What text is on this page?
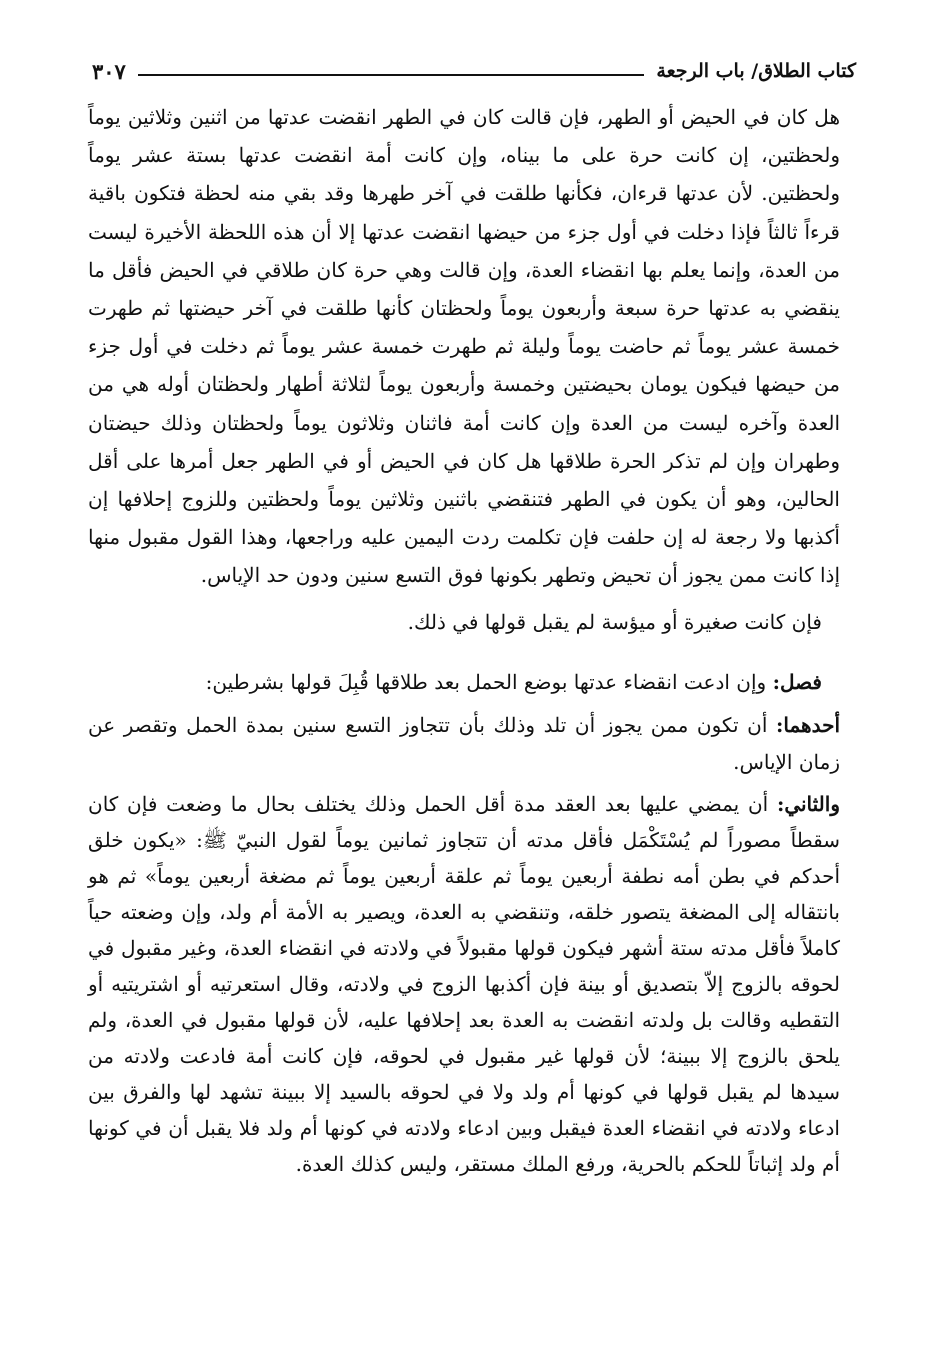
كتاب الطلاق/ باب الرجعة
٣٠٧

هل كان في الحيض أو الطهر، فإن قالت كان في الطهر انقضت عدتها من اثنين وثلاثين يوماً ولحظتين، إن كانت حرة على ما بيناه، وإن كانت أمة انقضت عدتها بستة عشر يوماً ولحظتين. لأن عدتها قرءان، فكأنها طلقت في آخر طهرها وقد بقي منه لحظة فتكون باقية قرءاً ثالثاً فإذا دخلت في أول جزء من حيضها انقضت عدتها إلا أن هذه اللحظة الأخيرة ليست من العدة، وإنما يعلم بها انقضاء العدة، وإن قالت وهي حرة كان طلاقي في الحيض فأقل ما ينقضي به عدتها حرة سبعة وأربعون يوماً ولحظتان كأنها طلقت في آخر حيضتها ثم طهرت خمسة عشر يوماً ثم حاضت يوماً وليلة ثم طهرت خمسة عشر يوماً ثم دخلت في أول جزء من حيضها فيكون يومان بحيضتين وخمسة وأربعون يوماً لثلاثة أطهار ولحظتان أوله هي من العدة وآخره ليست من العدة وإن كانت أمة فاثنان وثلاثون يوماً ولحظتان وذلك حيضتان وطهران وإن لم تذكر الحرة طلاقها هل كان في الحيض أو في الطهر جعل أمرها على أقل الحالين، وهو أن يكون في الطهر فتنقضي باثنين وثلاثين يوماً ولحظتين وللزوج إحلافها إن أكذبها ولا رجعة له إن حلفت فإن تكلمت ردت اليمين عليه وراجعها، وهذا القول مقبول منها إذا كانت ممن يجوز أن تحيض وتطهر بكونها فوق التسع سنين ودون حد الإياس.

فإن كانت صغيرة أو ميؤسة لم يقبل قولها في ذلك.

فصل: وإن ادعت انقضاء عدتها بوضع الحمل بعد طلاقها قُبِلَ قولها بشرطين:

أحدهما: أن تكون ممن يجوز أن تلد وذلك بأن تتجاوز التسع سنين بمدة الحمل وتقصر عن زمان الإياس.

والثاني: أن يمضي عليها بعد العقد مدة أقل الحمل وذلك يختلف بحال ما وضعت فإن كان سقطاً مصوراً لم يُسْتَكْمَل فأقل مدته أن تتجاوز ثمانين يوماً لقول النبيّ ﷺ: «يكون خلق أحدكم في بطن أمه نطفة أربعين يوماً ثم علقة أربعين يوماً ثم مضغة أربعين يوماً» ثم هو بانتقاله إلى المضغة يتصور خلقه، وتنقضي به العدة، ويصير به الأمة أم ولد، وإن وضعته حياً كاملاً فأقل مدته ستة أشهر فيكون قولها مقبولاً في ولادته في انقضاء العدة، وغير مقبول في لحوقه بالزوج إلاّ بتصديق أو بينة فإن أكذبها الزوج في ولادته، وقال استعرتيه أو اشتريتيه أو التقطيه وقالت بل ولدته انقضت به العدة بعد إحلافها عليه، لأن قولها مقبول في العدة، ولم يلحق بالزوج إلا ببينة؛ لأن قولها غير مقبول في لحوقه، فإن كانت أمة فادعت ولادته من سيدها لم يقبل قولها في كونها أم ولد ولا في لحوقه بالسيد إلا ببينة تشهد لها والفرق بين ادعاء ولادته في انقضاء العدة فيقبل وبين ادعاء ولادته في كونها أم ولد فلا يقبل أن في كونها أم ولد إثباتاً للحكم بالحرية، ورفع الملك مستقر، وليس كذلك العدة.
